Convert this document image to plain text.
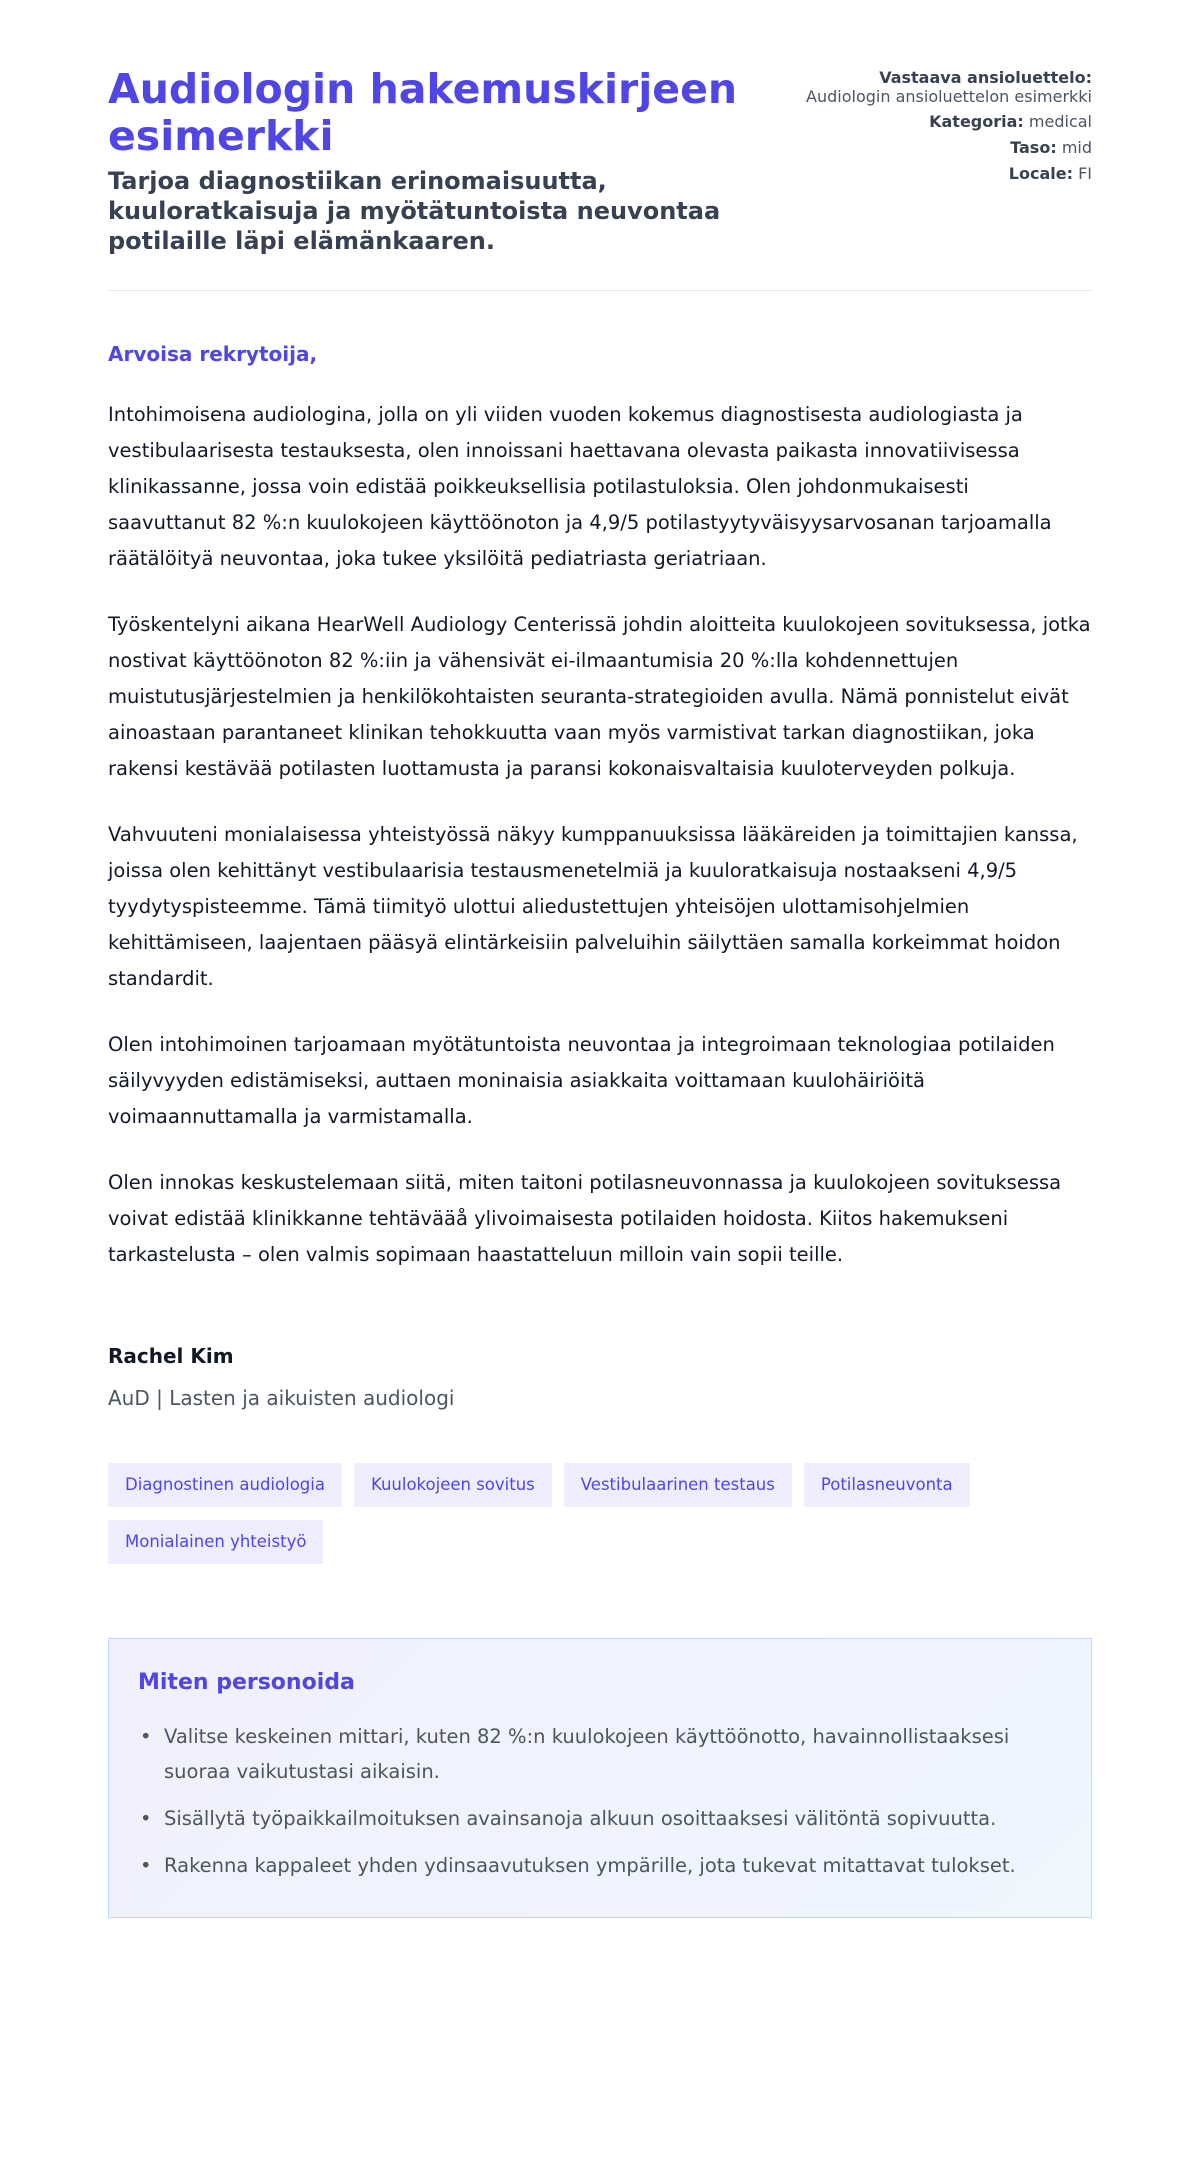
Audiologin hakemuskirjeen esimerkki
Tarjoa diagnostiikan erinomaisuutta, kuuloratkaisuja ja myötätuntoista neuvontaa potilaille läpi elämänkaaren.
Vastaava ansioluettelo:
Audiologin ansioluettelon esimerkki
Kategoria: medical
Taso: mid
Locale: FI

Arvoisa rekrytoija,

Intohimoisena audiologina, jolla on yli viiden vuoden kokemus diagnostisesta audiologiasta ja vestibulaarisesta testauksesta, olen innoissani haettavana olevasta paikasta innovatiivisessa klinikassanne, jossa voin edistää poikkeuksellisia potilastuloksia. Olen johdonmukaisesti saavuttanut 82 %:n kuulokojeen käyttöönoton ja 4,9/5 potilastyytyväisyysarvosanan tarjoamalla räätälöityä neuvontaa, joka tukee yksilöitä pediatriasta geriatriaan.

Työskentelyni aikana HearWell Audiology Centerissä johdin aloitteita kuulokojeen sovituksessa, jotka nostivat käyttöönoton 82 %:iin ja vähensivät ei-ilmaantumisia 20 %:lla kohdennettujen muistutusjärjestelmien ja henkilökohtaisten seuranta-strategioiden avulla. Nämä ponnistelut eivät ainoastaan parantaneet klinikan tehokkuutta vaan myös varmistivat tarkan diagnostiikan, joka rakensi kestävää potilasten luottamusta ja paransi kokonaisvaltaisia kuuloterveyden polkuja.

Vahvuuteni monialaisessa yhteistyössä näkyy kumppanuuksissa lääkäreiden ja toimittajien kanssa, joissa olen kehittänyt vestibulaarisia testausmenetelmiä ja kuuloratkaisuja nostaakseni 4,9/5 tyydytyspisteemme. Tämä tiimityö ulottui aliedustettujen yhteisöjen ulottamisohjelmien kehittämiseen, laajentaen pääsyä elintärkeisiin palveluihin säilyttäen samalla korkeimmat hoidon standardit.

Olen intohimoinen tarjoamaan myötätuntoista neuvontaa ja integroimaan teknologiaa potilaiden säilyvyyden edistämiseksi, auttaen moninaisia asiakkaita voittamaan kuulohäiriöitä voimaannuttamalla ja varmistamalla.

Olen innokas keskustelemaan siitä, miten taitoni potilasneuvonnassa ja kuulokojeen sovituksessa voivat edistää klinikkanne tehtävääå ylivoimaisesta potilaiden hoidosta. Kiitos hakemukseni tarkastelusta – olen valmis sopimaan haastatteluun milloin vain sopii teille.

Rachel Kim
AuD | Lasten ja aikuisten audiologi
Diagnostinen audiologia	Kuulokojeen sovitus	Vestibulaarinen testaus	Potilasneuvonta
Monialainen yhteistyö
Miten personoida
• Valitse keskeinen mittari, kuten 82 %:n kuulokojeen käyttöönotto, havainnollistaaksesi suoraa vaikutustasi aikaisin.
• Sisällytä työpaikkailmoituksen avainsanoja alkuun osoittaaksesi välitöntä sopivuutta.
• Rakenna kappaleet yhden ydinsaavutuksen ympärille, jota tukevat mitattavat tulokset.
